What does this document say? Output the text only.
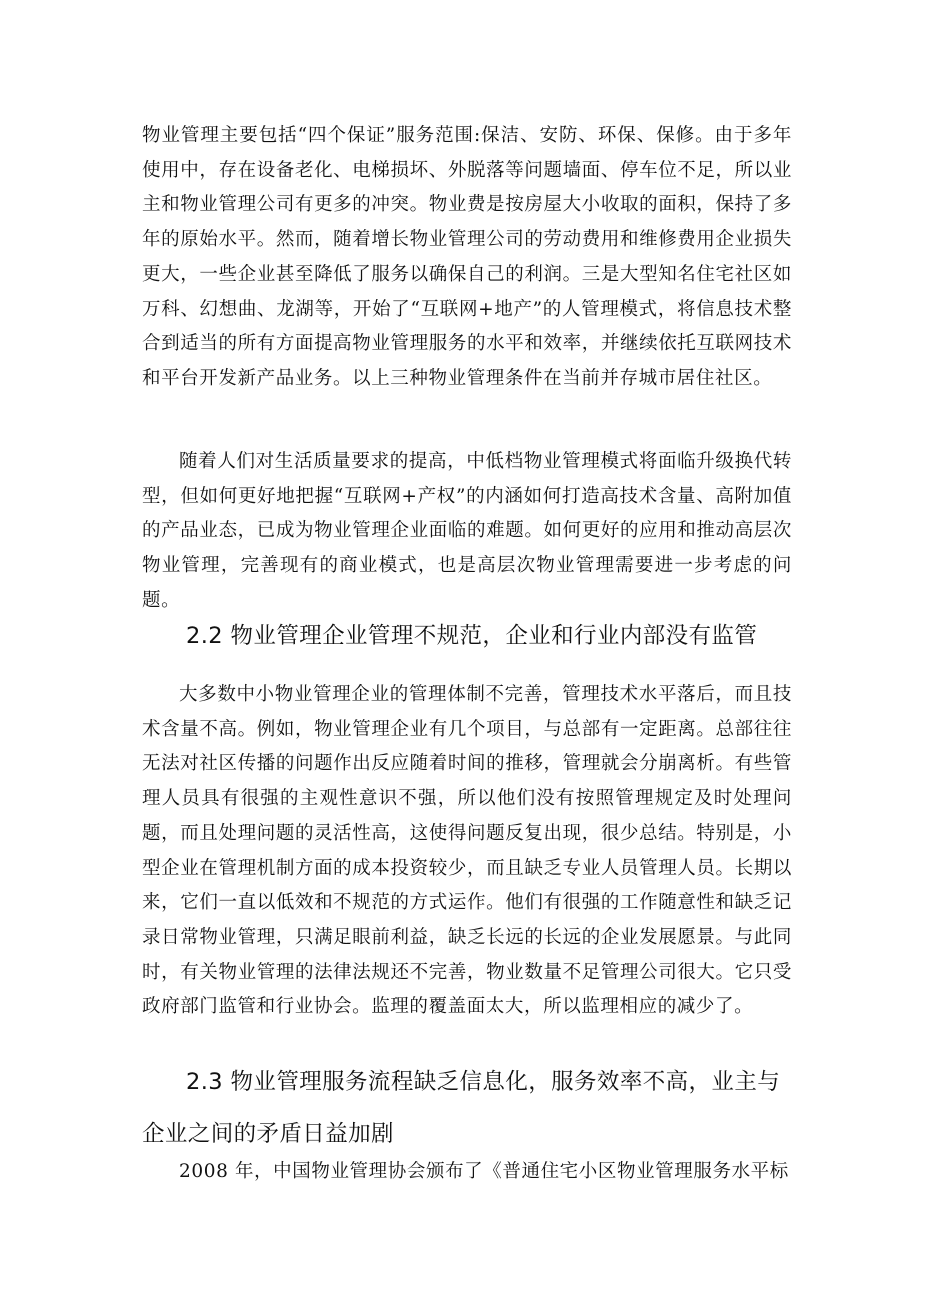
物业管理主要包括“四个保证”服务范围:保洁、安防、环保、保修。由于多年使用中，存在设备老化、电梯损坏、外脱落等问题墙面、停车位不足，所以业主和物业管理公司有更多的冲突。物业费是按房屋大小收取的面积，保持了多年的原始水平。然而，随着增长物业管理公司的劳动费用和维修费用企业损失更大，一些企业甚至降低了服务以确保自己的利润。三是大型知名住宅社区如万科、幻想曲、龙湖等，开始了“互联网+地产”的人管理模式，将信息技术整合到适当的所有方面提高物业管理服务的水平和效率，并继续依托互联网技术和平台开发新产品业务。以上三种物业管理条件在当前并存城市居住社区。

随着人们对生活质量要求的提高，中低档物业管理模式将面临升级换代转型，但如何更好地把握“互联网+产权”的内涵如何打造高技术含量、高附加值的产品业态，已成为物业管理企业面临的难题。如何更好的应用和推动高层次物业管理，完善现有的商业模式，也是高层次物业管理需要进一步考虑的问题。

2.2 物业管理企业管理不规范，企业和行业内部没有监管

大多数中小物业管理企业的管理体制不完善，管理技术水平落后，而且技术含量不高。例如，物业管理企业有几个项目，与总部有一定距离。总部往往无法对社区传播的问题作出反应随着时间的推移，管理就会分崩离析。有些管理人员具有很强的主观性意识不强，所以他们没有按照管理规定及时处理问题，而且处理问题的灵活性高，这使得问题反复出现，很少总结。特别是，小型企业在管理机制方面的成本投资较少，而且缺乏专业人员管理人员。长期以来，它们一直以低效和不规范的方式运作。他们有很强的工作随意性和缺乏记录日常物业管理，只满足眼前利益，缺乏长远的长远的企业发展愿景。与此同时，有关物业管理的法律法规还不完善，物业数量不足管理公司很大。它只受政府部门监管和行业协会。监理的覆盖面太大，所以监理相应的减少了。

2.3 物业管理服务流程缺乏信息化，服务效率不高，业主与企业之间的矛盾日益加剧

2008 年，中国物业管理协会颁布了《普通住宅小区物业管理服务水平标
